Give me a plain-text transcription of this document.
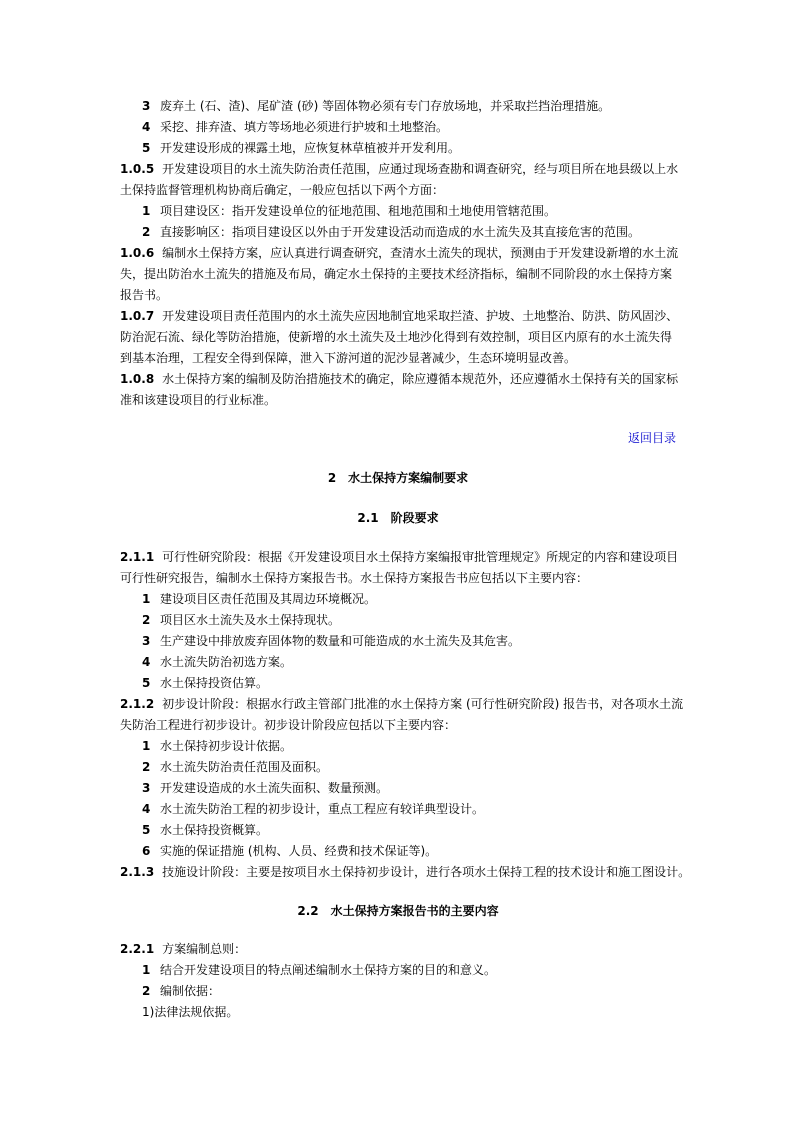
3 废弃土 (石、渣)、尾矿渣 (砂) 等固体物必须有专门存放场地，并采取拦挡治理措施。
4 采挖、排弃渣、填方等场地必须进行护坡和土地整治。
5 开发建设形成的裸露土地，应恢复林草植被并开发利用。
1.0.5 开发建设项目的水土流失防治责任范围，应通过现场查勘和调查研究，经与项目所在地县级以上水
土保持监督管理机构协商后确定，一般应包括以下两个方面：
1 项目建设区：指开发建设单位的征地范围、租地范围和土地使用管辖范围。
2 直接影响区：指项目建设区以外由于开发建设活动而造成的水土流失及其直接危害的范围。
1.0.6 编制水土保持方案，应认真进行调查研究，查清水土流失的现状，预测由于开发建设新增的水土流
失，提出防治水土流失的措施及布局，确定水土保持的主要技术经济指标，编制不同阶段的水土保持方案
报告书。
1.0.7 开发建设项目责任范围内的水土流失应因地制宜地采取拦渣、护坡、土地整治、防洪、防风固沙、
防治泥石流、绿化等防治措施，使新增的水土流失及土地沙化得到有效控制，项目区内原有的水土流失得
到基本治理，工程安全得到保障，泄入下游河道的泥沙显著减少，生态环境明显改善。
1.0.8 水土保持方案的编制及防治措施技术的确定，除应遵循本规范外，还应遵循水土保持有关的国家标
准和该建设项目的行业标准。
返回目录
2　水土保持方案编制要求
2.1　阶段要求
2.1.1 可行性研究阶段：根据《开发建设项目水土保持方案编报审批管理规定》所规定的内容和建设项目
可行性研究报告，编制水土保持方案报告书。水土保持方案报告书应包括以下主要内容：
1 建设项目区责任范围及其周边环境概况。
2 项目区水土流失及水土保持现状。
3 生产建设中排放废弃固体物的数量和可能造成的水土流失及其危害。
4 水土流失防治初选方案。
5 水土保持投资估算。
2.1.2 初步设计阶段：根据水行政主管部门批准的水土保持方案 (可行性研究阶段) 报告书，对各项水土流
失防治工程进行初步设计。初步设计阶段应包括以下主要内容：
1 水土保持初步设计依据。
2 水土流失防治责任范围及面积。
3 开发建设造成的水土流失面积、数量预测。
4 水土流失防治工程的初步设计，重点工程应有较详典型设计。
5 水土保持投资概算。
6 实施的保证措施 (机构、人员、经费和技术保证等)。
2.1.3 技施设计阶段：主要是按项目水土保持初步设计，进行各项水土保持工程的技术设计和施工图设计。
2.2　水土保持方案报告书的主要内容
2.2.1 方案编制总则：
1 结合开发建设项目的特点阐述编制水土保持方案的目的和意义。
2 编制依据：
1)法律法规依据。
